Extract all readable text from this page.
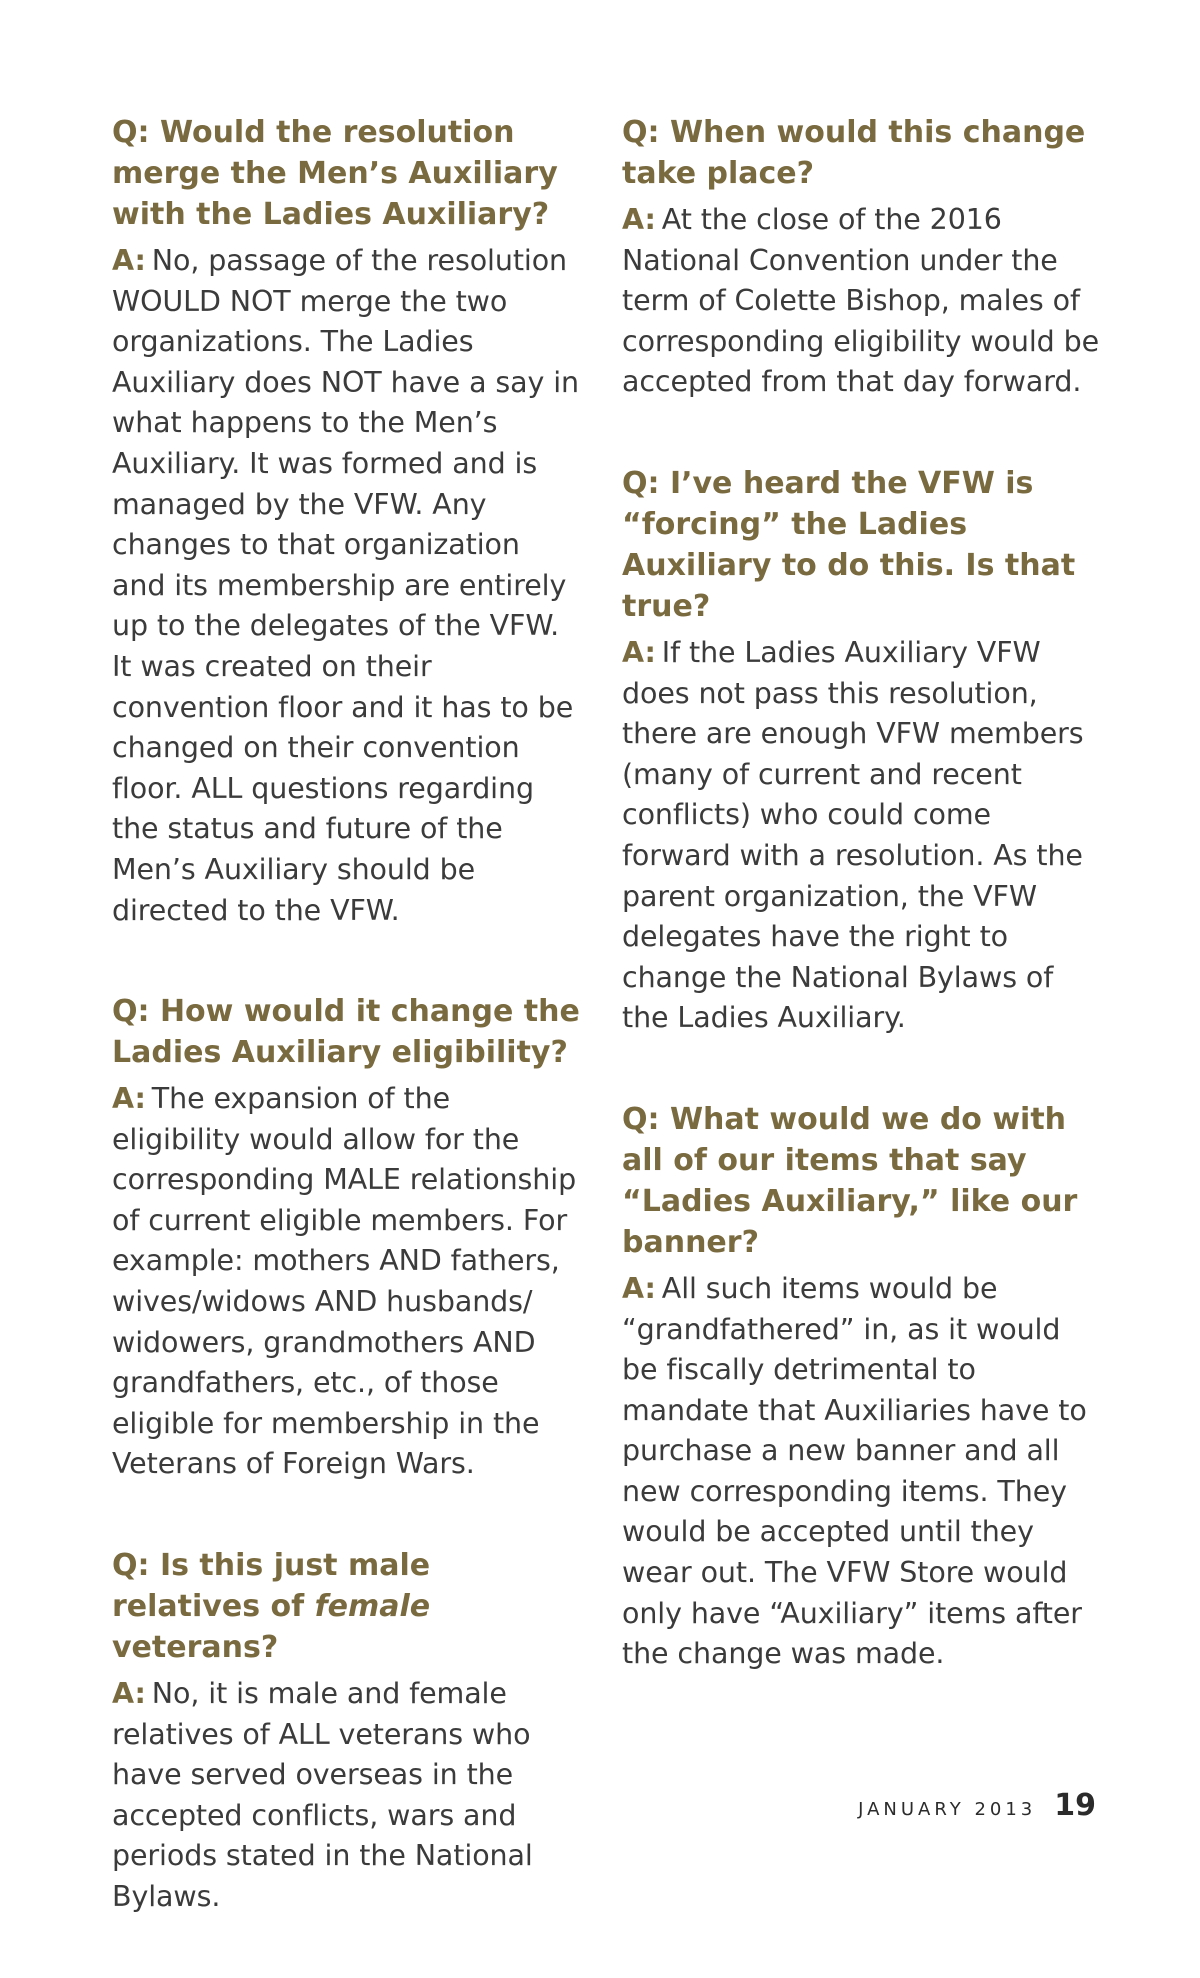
Q: Would the resolution merge the Men’s Auxiliary with the Ladies Auxiliary?

A: No, passage of the resolution WOULD NOT merge the two organizations. The Ladies Auxiliary does NOT have a say in what happens to the Men’s Auxiliary. It was formed and is managed by the VFW. Any changes to that organization and its membership are entirely up to the delegates of the VFW. It was created on their convention floor and it has to be changed on their convention floor. ALL questions regarding the status and future of the Men’s Auxiliary should be directed to the VFW.

Q: How would it change the Ladies Auxiliary eligibility?

A: The expansion of the eligibility would allow for the corresponding MALE relationship of current eligible members. For example: mothers AND fathers, wives/widows AND husbands/ widowers, grandmothers AND grandfathers, etc., of those eligible for membership in the Veterans of Foreign Wars.

Q: Is this just male relatives of female veterans?

A: No, it is male and female relatives of ALL veterans who have served overseas in the accepted conflicts, wars and periods stated in the National Bylaws.

Q: When would this change take place?

A: At the close of the 2016 National Convention under the term of Colette Bishop, males of corresponding eligibility would be accepted from that day forward.

Q: I’ve heard the VFW is “forcing” the Ladies Auxiliary to do this. Is that true?

A: If the Ladies Auxiliary VFW does not pass this resolution, there are enough VFW members (many of current and recent conflicts) who could come forward with a resolution. As the parent organization, the VFW delegates have the right to change the National Bylaws of the Ladies Auxiliary.

Q: What would we do with all of our items that say “Ladies Auxiliary,” like our banner?

A: All such items would be “grandfathered” in, as it would be fiscally detrimental to mandate that Auxiliaries have to purchase a new banner and all new corresponding items. They would be accepted until they wear out. The VFW Store would only have “Auxiliary” items after the change was made.

JANUARY 2013 19
